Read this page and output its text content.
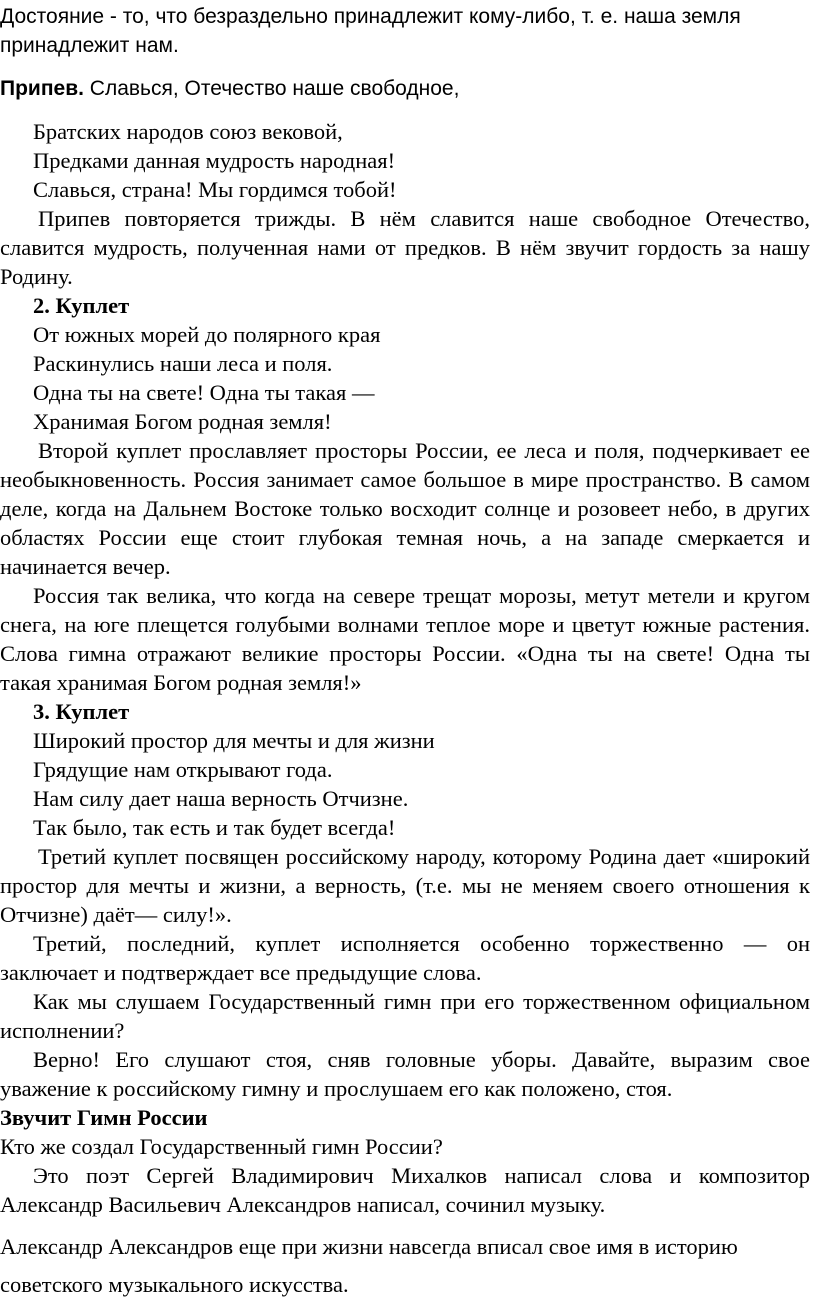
Достояние - то, что безраздельно принадлежит кому-либо, т. е. наша земля

принадлежит нам.

Припев. Славься, Отечество наше свободное,

Братских народов союз вековой,

Предками данная мудрость народная!

Славься, страна! Мы гордимся тобой!

Припев повторяется трижды. В нём славится наше свободное Отечество, славится мудрость, полученная нами от предков. В нём звучит гордость за нашу Родину.

2. Куплет

От южных морей до полярного края

Раскинулись наши леса и поля.

Одна ты на свете! Одна ты такая —

Хранимая Богом родная земля!

Второй куплет прославляет просторы России, ее леса и поля, подчеркивает ее необыкновенность. Россия занимает самое большое в мире пространство. В самом деле, когда на Дальнем Востоке только восходит солнце и розовеет небо, в других областях России еще стоит глубокая темная ночь, а на западе смеркается и начинается вечер.

Россия так велика, что когда на севере трещат морозы, метут метели и кругом снега, на юге плещется голубыми волнами теплое море и цветут южные растения. Слова гимна отражают великие просторы России. «Одна ты на свете! Одна ты такая хранимая Богом родная земля!»

3. Куплет

Широкий простор для мечты и для жизни

Грядущие нам открывают года.

Нам силу дает наша верность Отчизне.

Так было, так есть и так будет всегда!

Третий куплет посвящен российскому народу, которому Родина дает «широкий простор для мечты и жизни, а верность, (т.е. мы не меняем своего отношения к Отчизне) даёт— силу!».

Третий, последний, куплет исполняется особенно торжественно — он заключает и подтверждает все предыдущие слова.

Как мы слушаем Государственный гимн при его торжественном официальном исполнении?

Верно! Его слушают стоя, сняв головные уборы. Давайте, выразим свое уважение к российскому гимну и прослушаем его как положено, стоя.

Звучит Гимн России

Кто же создал Государственный гимн России?

Это поэт Сергей Владимирович Михалков написал слова и композитор Александр Васильевич Александров написал, сочинил музыку.

Александр Александров еще при жизни навсегда вписал свое имя в историю советского музыкального искусства.
